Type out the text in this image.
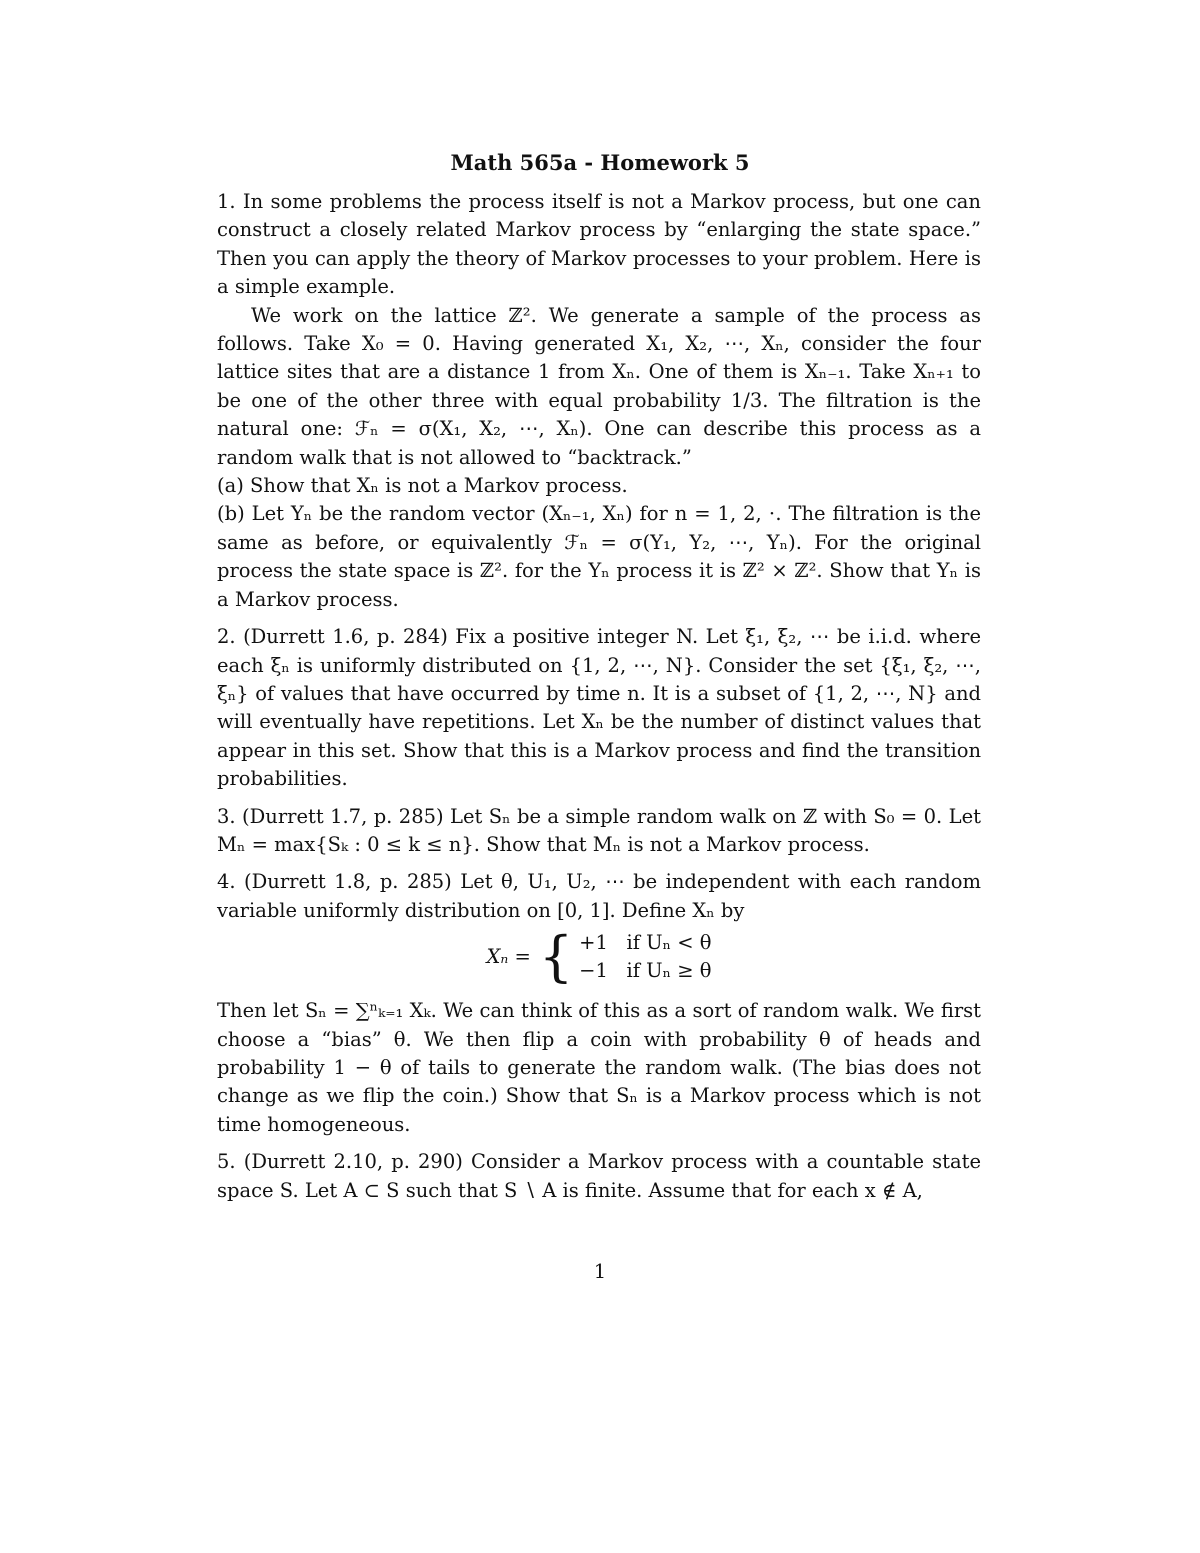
Math 565a - Homework 5

1. In some problems the process itself is not a Markov process, but one can construct a closely related Markov process by “enlarging the state space.” Then you can apply the theory of Markov processes to your problem. Here is a simple example.

We work on the lattice ℤ². We generate a sample of the process as follows. Take X₀ = 0. Having generated X₁, X₂, ⋯, Xₙ, consider the four lattice sites that are a distance 1 from Xₙ. One of them is Xₙ₋₁. Take Xₙ₊₁ to be one of the other three with equal probability 1/3. The filtration is the natural one: ℱₙ = σ(X₁, X₂, ⋯, Xₙ). One can describe this process as a random walk that is not allowed to “backtrack.”

(a) Show that Xₙ is not a Markov process.

(b) Let Yₙ be the random vector (Xₙ₋₁, Xₙ) for n = 1, 2, ⋅. The filtration is the same as before, or equivalently ℱₙ = σ(Y₁, Y₂, ⋯, Yₙ). For the original process the state space is ℤ². for the Yₙ process it is ℤ² × ℤ². Show that Yₙ is a Markov process.

2. (Durrett 1.6, p. 284) Fix a positive integer N. Let ξ₁, ξ₂, ⋯ be i.i.d. where each ξₙ is uniformly distributed on {1, 2, ⋯, N}. Consider the set {ξ₁, ξ₂, ⋯, ξₙ} of values that have occurred by time n. It is a subset of {1, 2, ⋯, N} and will eventually have repetitions. Let Xₙ be the number of distinct values that appear in this set. Show that this is a Markov process and find the transition probabilities.

3. (Durrett 1.7, p. 285) Let Sₙ be a simple random walk on ℤ with S₀ = 0. Let Mₙ = max{Sₖ : 0 ≤ k ≤ n}. Show that Mₙ is not a Markov process.

4. (Durrett 1.8, p. 285) Let θ, U₁, U₂, ⋯ be independent with each random variable uniformly distribution on [0, 1]. Define Xₙ by

Xₙ = { +1   if Uₙ < θ
−1   if Uₙ ≥ θ

Then let Sₙ = ∑ⁿₖ₌₁ Xₖ. We can think of this as a sort of random walk. We first choose a “bias” θ. We then flip a coin with probability θ of heads and probability 1 − θ of tails to generate the random walk. (The bias does not change as we flip the coin.) Show that Sₙ is a Markov process which is not time homogeneous.

5. (Durrett 2.10, p. 290) Consider a Markov process with a countable state space S. Let A ⊂ S such that S ∖ A is finite. Assume that for each x ∉ A,

1
